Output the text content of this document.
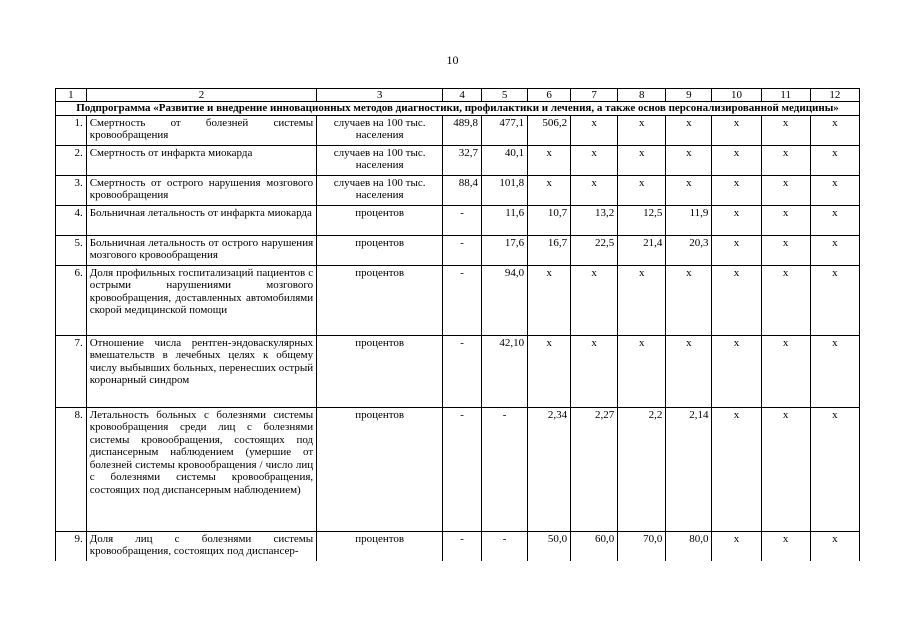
10
1	2	3	4	5	6	7	8	9	10	11	12
Подпрограмма «Развитие и внедрение инновационных методов диагностики, профилактики и лечения, а также основ персонализированной медицины»											
1.	Смертность от болезней системы кровообращения	случаев на 100 тыс. населения	489,8	477,1	506,2	x	x	x	x	x	x
2.	Смертность от инфаркта миокарда	случаев на 100 тыс. населения	32,7	40,1	x	x	x	x	x	x	x
3.	Смертность от острого нарушения мозгового кровообращения	случаев на 100 тыс. населения	88,4	101,8	x	x	x	x	x	x	x
4.	Больничная летальность от инфаркта миокарда	процентов	-	11,6	10,7	13,2	12,5	11,9	x	x	x
5.	Больничная летальность от острого нарушения мозгового кровообращения	процентов	-	17,6	16,7	22,5	21,4	20,3	x	x	x
6.	Доля профильных госпитализаций пациентов с острыми нарушениями мозгового кровообращения, доставленных автомобилями скорой медицинской помощи	процентов	-	94,0	x	x	x	x	x	x	x
7.	Отношение числа рентген-эндоваскулярных вмешательств в лечебных целях к общему числу выбывших больных, перенесших острый коронарный синдром	процентов	-	42,10	x	x	x	x	x	x	x
8.	Летальность больных с болезнями системы кровообращения среди лиц с болезнями системы кровообращения, состоящих под диспансерным наблюдением (умершие от болезней системы кровообращения / число лиц с болезнями системы кровообращения, состоящих под диспансерным наблюдением)	процентов	-	-	2,34	2,27	2,2	2,14	x	x	x
9.	Доля лиц с болезнями системы кровообращения, состоящих под диспансер-	процентов	-	-	50,0	60,0	70,0	80,0	x	x	x
